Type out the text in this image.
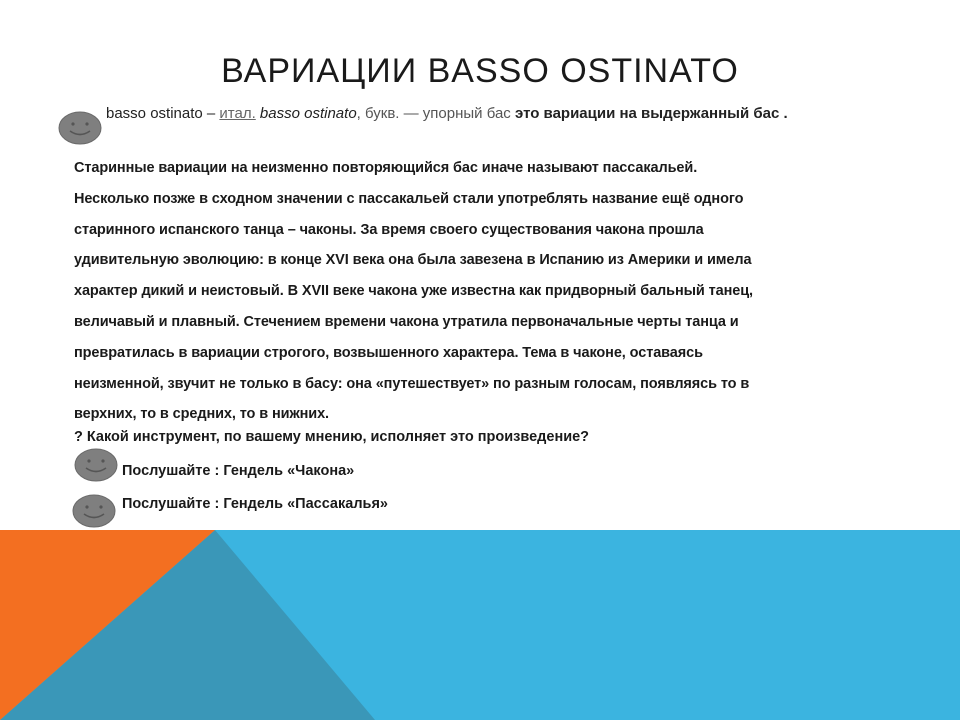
ВАРИАЦИИ BASSO OSTINATO
basso ostinato – итал. basso ostinato, букв. — упорный бас это вариации на выдержанный бас .
Старинные вариации на неизменно повторяющийся бас иначе называют пассакальей.
Несколько позже в сходном значении с пассакальей стали употреблять название ещё одного
старинного испанского танца – чаконы. За время своего существования чакона прошла
удивительную эволюцию: в конце XVI века она была завезена в Испанию из Америки и имела
характер дикий и неистовый. В XVII веке чакона уже известна как придворный бальный танец,
величавый и плавный. Стечением времени чакона утратила первоначальные черты танца и
превратилась в вариации строгого, возвышенного характера. Тема в чаконе, оставаясь
неизменной, звучит не только в басу: она «путешествует» по разным голосам, появляясь то в
верхних, то в средних, то в нижних.
? Какой инструмент, по вашему мнению, исполняет это произведение?
Послушайте : Гендель «Чакона»
Послушайте : Гендель «Пассакалья»
